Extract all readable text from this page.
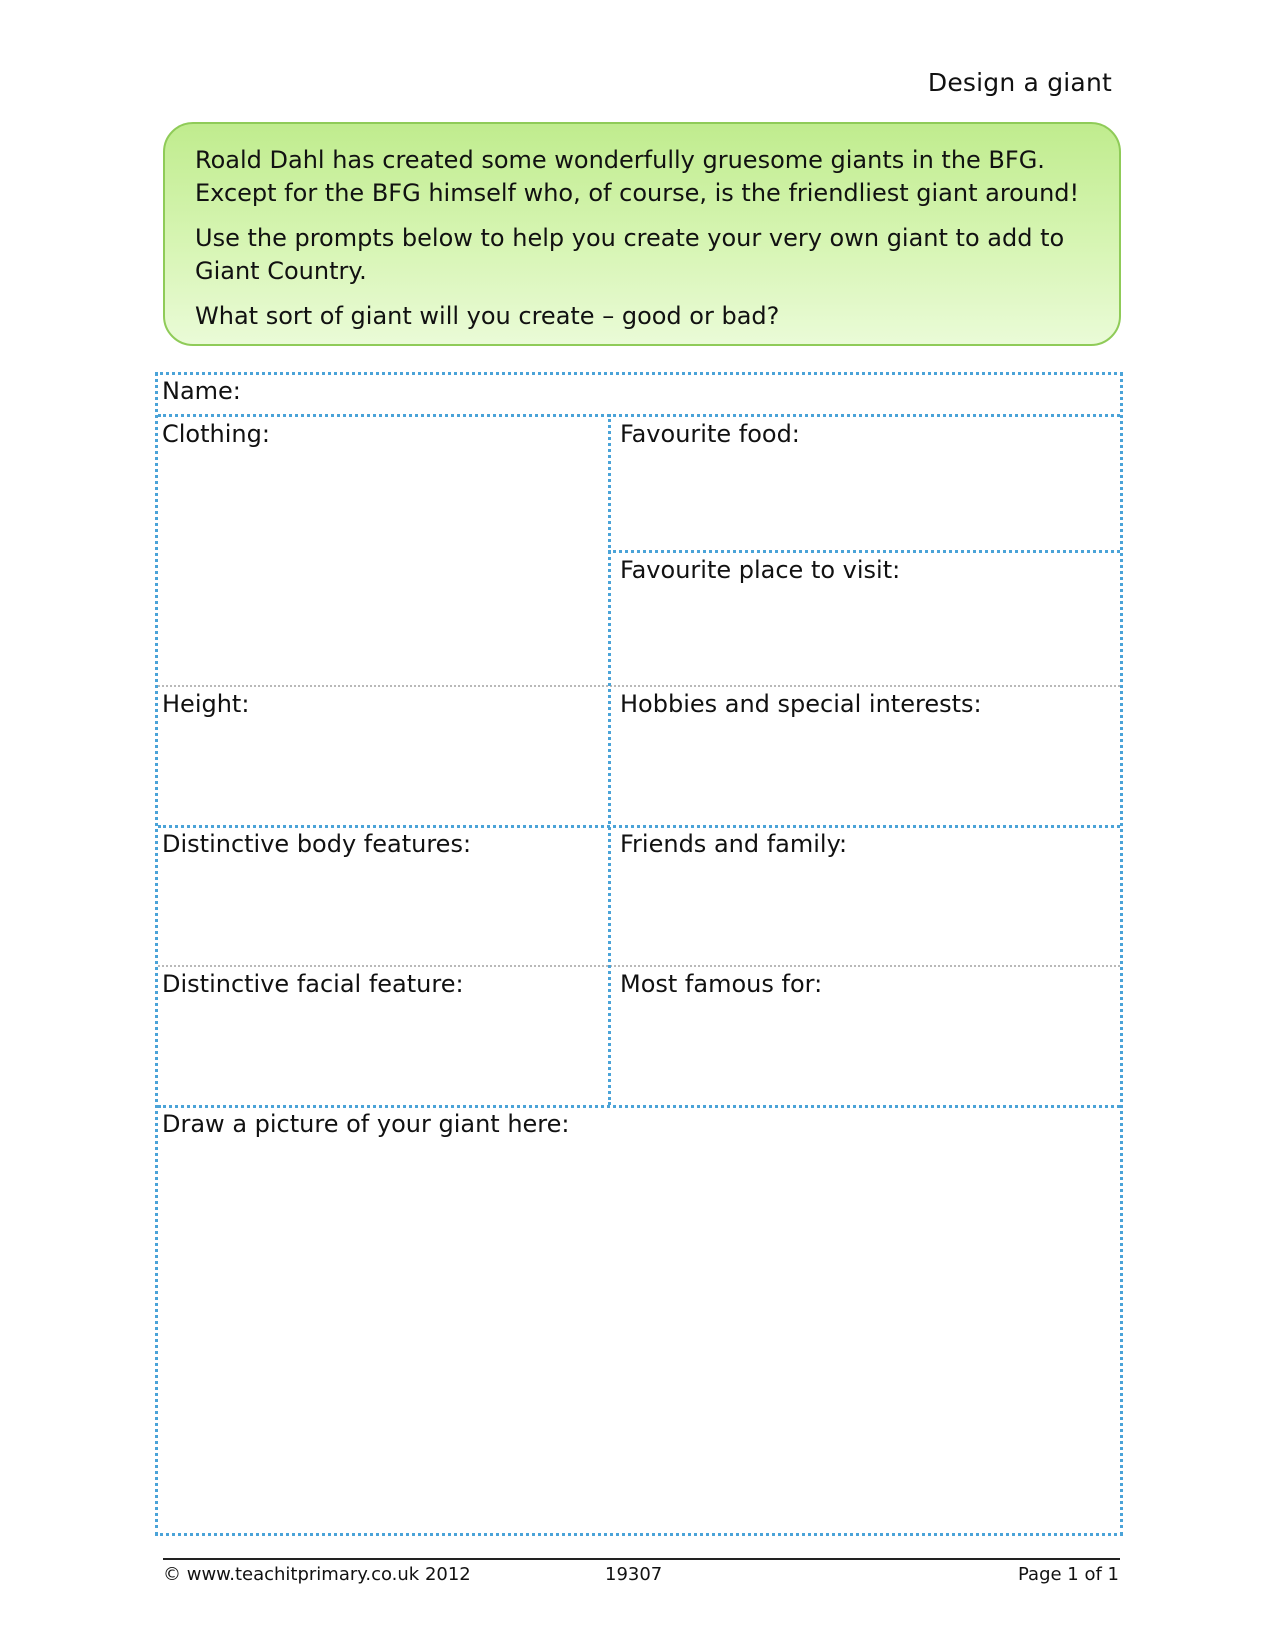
Design a giant

Roald Dahl has created some wonderfully gruesome giants in the BFG. Except for the BFG himself who, of course, is the friendliest giant around!

Use the prompts below to help you create your very own giant to add to Giant Country.

What sort of giant will you create – good or bad?

Name:
Clothing:	Favourite food:
Favourite place to visit:
Height:	Hobbies and special interests:
Distinctive body features:	Friends and family:
Distinctive facial feature:	Most famous for:
Draw a picture of your giant here:
© www.teachitprimary.co.uk 2012	19307	Page 1 of 1
